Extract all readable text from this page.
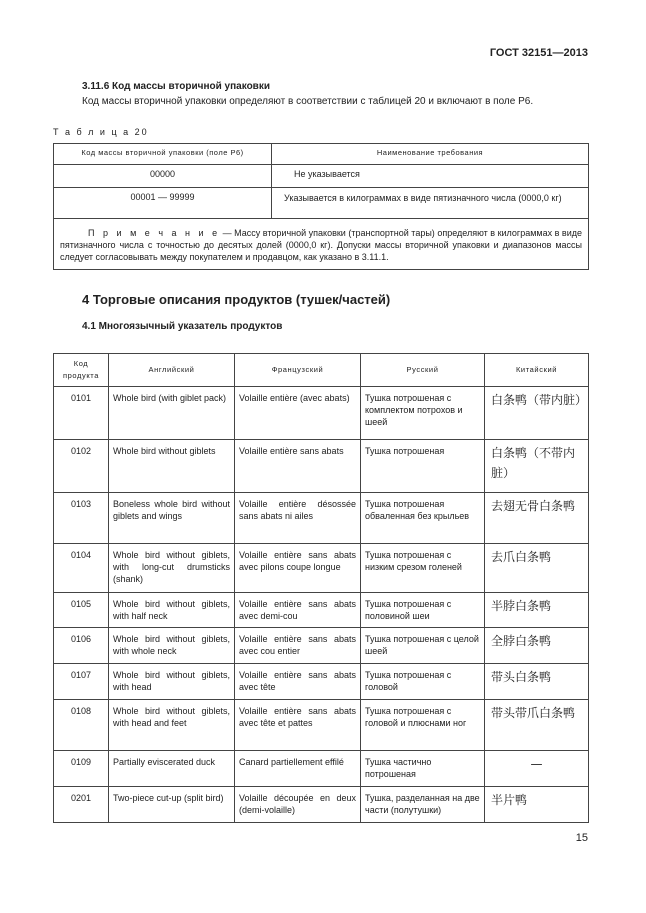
ГОСТ 32151—2013
3.11.6 Код массы вторичной упаковки
Код массы вторичной упаковки определяют в соответствии с таблицей 20 и включают в поле Р6.
Т а б л и ц а 20
Код массы вторичной упаковки (поле Р6)	Наименование требования
00000	Не указывается
00001 — 99999	Указывается в килограммах в виде пятизначного числа (0000,0 кг)
П р и м е ч а н и е — Массу вторичной упаковки (транспортной тары) определяют в килограммах в виде пятизначного числа с точностью до десятых долей (0000,0 кг). Допуски массы вторичной упаковки и диапазонов массы следует согласовывать между покупателем и продавцом, как указано в 3.11.1.	
4 Торговые описания продуктов (тушек/частей)
4.1 Многоязычный указатель продуктов
Код продукта	Английский	Французский	Русский	Китайский
0101	Whole bird (with giblet pack)	Volaille entière (avec abats)	Тушка потрошеная с комплектом потрохов и шеей	白条鸭（带内脏）
0102	Whole bird without giblets	Volaille entière sans abats	Тушка потрошеная	白条鸭（不带内脏）
0103	Boneless whole bird without giblets and wings	Volaille entière désossée sans abats ni ailes	Тушка потрошеная обваленная без крыльев	去翅无骨白条鸭
0104	Whole bird without giblets, with long-cut drumsticks (shank)	Volaille entière sans abats avec pilons coupe longue	Тушка потрошеная с низким срезом голеней	去爪白条鸭
0105	Whole bird without giblets, with half neck	Volaille entière sans abats avec demi-cou	Тушка потрошеная с половиной шеи	半脖白条鸭
0106	Whole bird without giblets, with whole neck	Volaille entière sans abats avec cou entier	Тушка потрошеная с целой шеей	全脖白条鸭
0107	Whole bird without giblets, with head	Volaille entière sans abats avec tête	Тушка потрошеная с головой	带头白条鸭
0108	Whole bird without giblets, with head and feet	Volaille entière sans abats avec tête et pattes	Тушка потрошеная с головой и плюснами ног	带头带爪白条鸭
0109	Partially eviscerated duck	Canard partiellement effilé	Тушка частично потрошеная	—
0201	Two-piece cut-up (split bird)	Volaille découpée en deux (demi-volaille)	Тушка, разделанная на две части (полутушки)	半片鸭
15
